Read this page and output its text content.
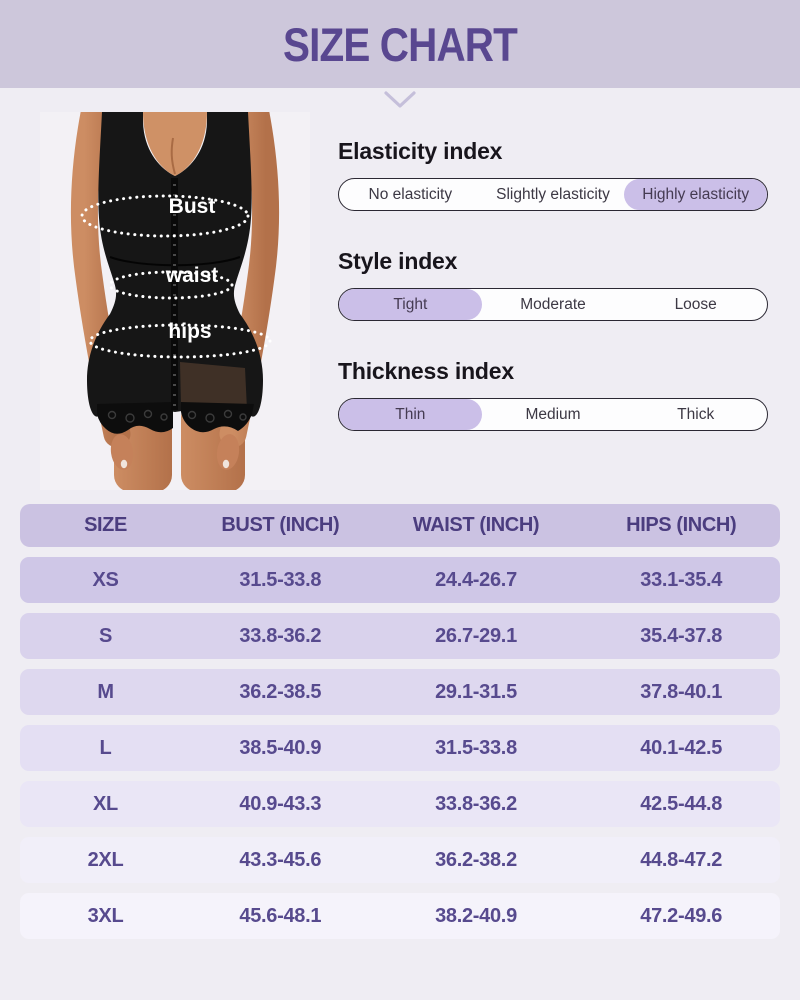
SIZE CHART
Bust
waist
hips
Elasticity index
No elasticity	Slightly elasticity	Highly elasticity
Style index
Tight	Moderate	Loose
Thickness index
Thin	Medium	Thick
SIZE	BUST (INCH)	WAIST (INCH)	HIPS (INCH)
XS	31.5-33.8	24.4-26.7	33.1-35.4
S	33.8-36.2	26.7-29.1	35.4-37.8
M	36.2-38.5	29.1-31.5	37.8-40.1
L	38.5-40.9	31.5-33.8	40.1-42.5
XL	40.9-43.3	33.8-36.2	42.5-44.8
2XL	43.3-45.6	36.2-38.2	44.8-47.2
3XL	45.6-48.1	38.2-40.9	47.2-49.6
